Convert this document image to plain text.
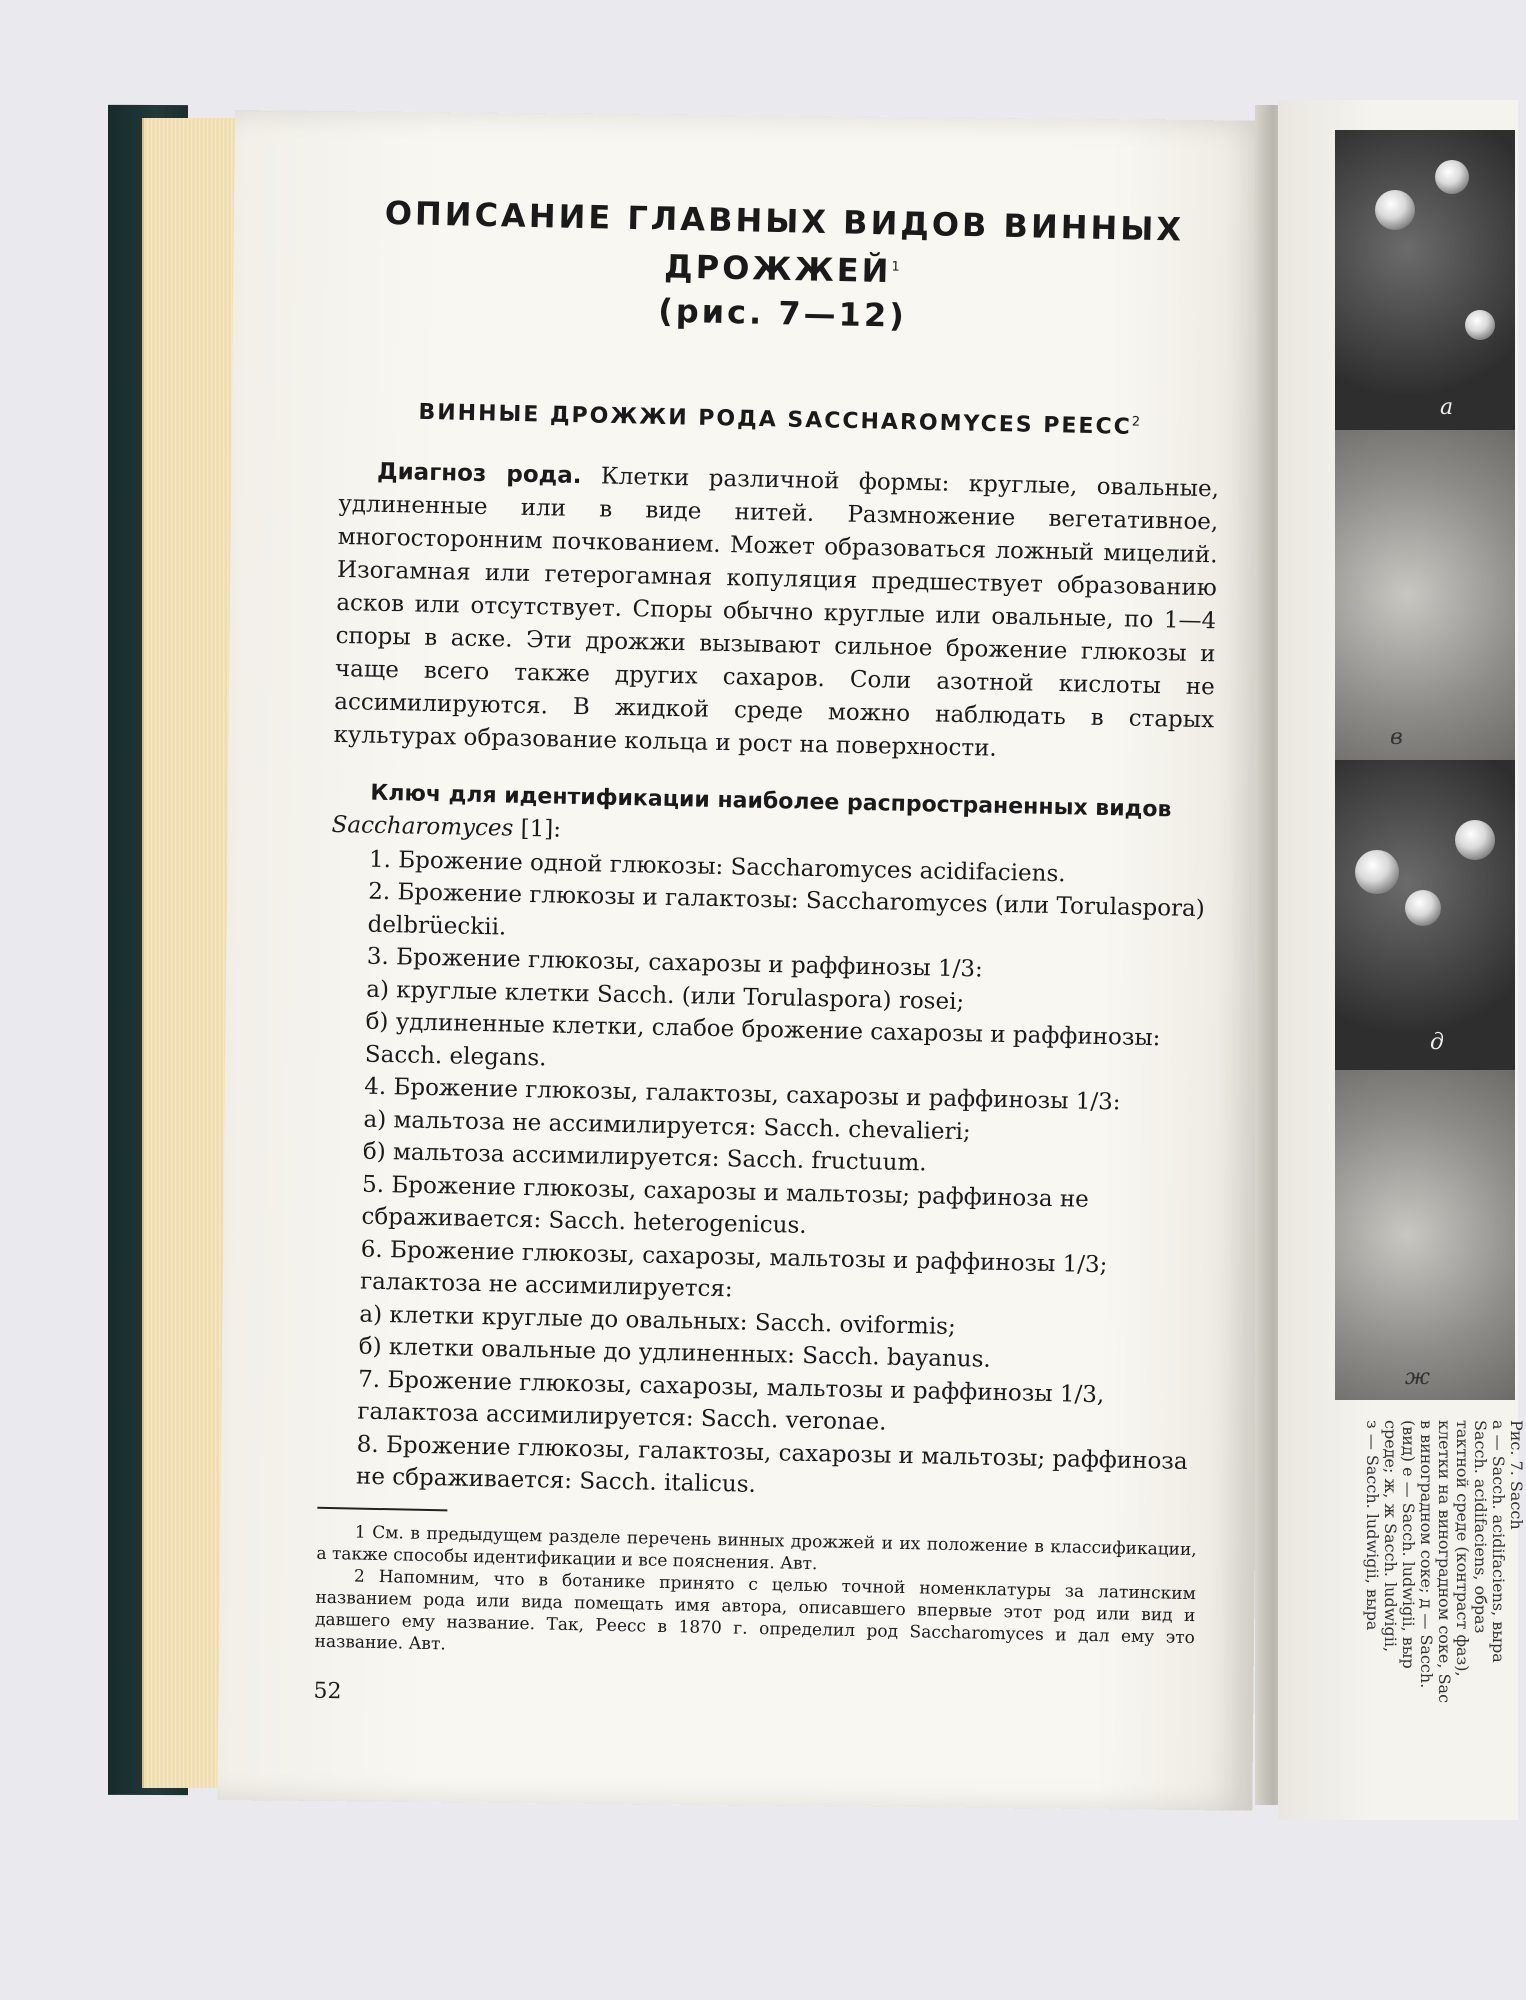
а
в
д
ж
Рис. 7. Sacch
а — Sacch. acidifaciens, выра
Sacch. acidifaciens, образ
тактной среде (контраст фаз),
клетки на виноградном соке, Sac
в виноградном соке; д — Sacch.
(вид) е — Sacch. ludwigii, выр
среде; ж, ж Sacch. ludwigii,
з — Sacch. ludwigii, выра
ОПИСАНИЕ ГЛАВНЫХ ВИДОВ ВИННЫХ ДРОЖЖЕЙ$^1$
(рис. 7—12)
ВИННЫЕ ДРОЖЖИ РОДА SACCHAROMYCES РЕЕСС$^2$

Диагноз рода. Клетки различной формы: круглые, овальные, удлиненные или в виде нитей. Размножение вегетативное, многосторонним почкованием. Может образоваться ложный мицелий. Изогамная или гетерогамная копуляция предшествует образованию асков или отсутствует. Споры обычно круглые или овальные, по 1—4 споры в аске. Эти дрожжи вызывают сильное брожение глюкозы и чаще всего также других сахаров. Соли азотной кислоты не ассимилируются. В жидкой среде можно наблюдать в старых культурах образование кольца и рост на поверхности.

Ключ для идентификации наиболее распространенных видов
Saccharomyces [1]:

1. Брожение одной глюкозы: Saccharomyces acidifaciens.
2. Брожение глюкозы и галактозы: Saccharomyces (или Torulaspora) delbrüeckii.
3. Брожение глюкозы, сахарозы и раффинозы 1/3:
а) круглые клетки Sacch. (или Torulaspora) rosei;
б) удлиненные клетки, слабое брожение сахарозы и раффинозы: Sacch. elegans.
4. Брожение глюкозы, галактозы, сахарозы и раффинозы 1/3:
а) мальтоза не ассимилируется: Sacch. chevalieri;
б) мальтоза ассимилируется: Sacch. fructuum.
5. Брожение глюкозы, сахарозы и мальтозы; раффиноза не сбраживается: Sacch. heterogenicus.
6. Брожение глюкозы, сахарозы, мальтозы и раффинозы 1/3; галактоза не ассимилируется:
а) клетки круглые до овальных: Sacch. oviformis;
б) клетки овальные до удлиненных: Sacch. bayanus.
7. Брожение глюкозы, сахарозы, мальтозы и раффинозы 1/3, галактоза ассимилируется: Sacch. veronae.
8. Брожение глюкозы, галактозы, сахарозы и мальтозы; раффиноза не сбраживается: Sacch. italicus.

1 См. в предыдущем разделе перечень винных дрожжей и их положение в классификации, а также способы идентификации и все пояснения. Авт.

2 Напомним, что в ботанике принято с целью точной номенклатуры за латинским названием рода или вида помещать имя автора, описавшего впервые этот род или вид и давшего ему название. Так, Реесс в 1870 г. определил род Saccharomyces и дал ему это название. Авт.

52
